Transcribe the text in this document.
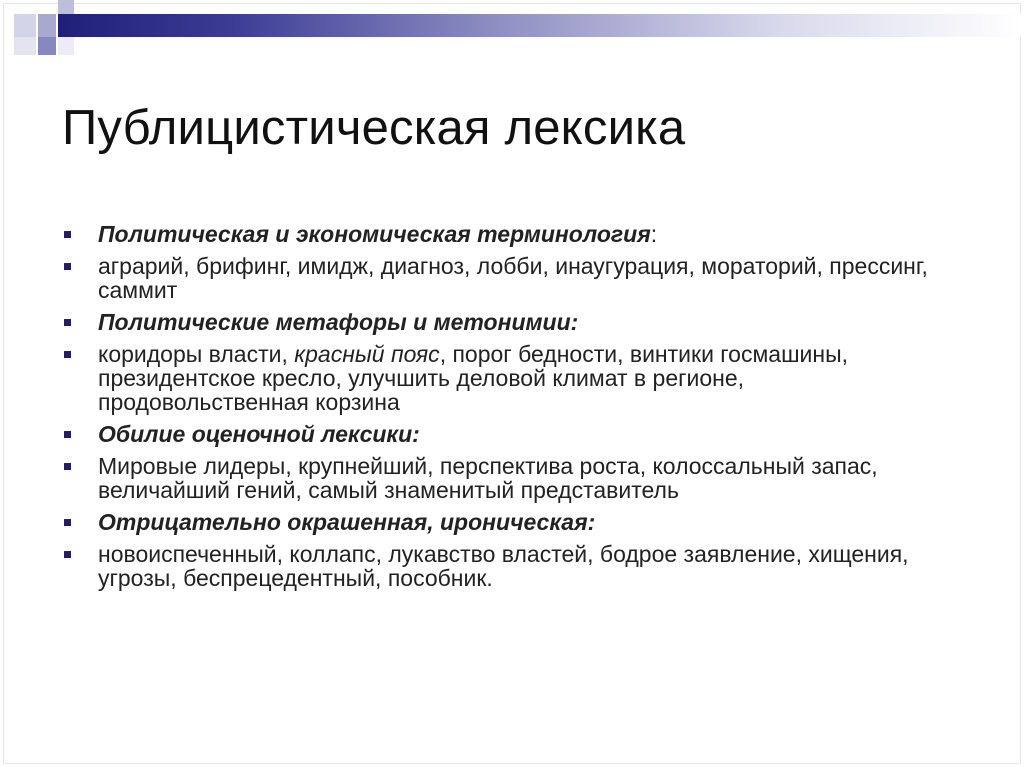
Публицистическая лексика
Политическая и экономическая терминология:
аграрий, брифинг, имидж, диагноз, лобби, инаугурация, мораторий, прессинг, саммит
Политические метафоры и метонимии:
коридоры власти, красный пояс, порог бедности, винтики госмашины, президентское кресло, улучшить деловой климат в регионе, продовольственная корзина
Обилие оценочной лексики:
Мировые лидеры, крупнейший, перспектива роста, колоссальный запас, величайший гений, самый знаменитый представитель
Отрицательно окрашенная, ироническая:
новоиспеченный, коллапс, лукавство властей, бодрое заявление, хищения, угрозы, беспрецедентный, пособник.
